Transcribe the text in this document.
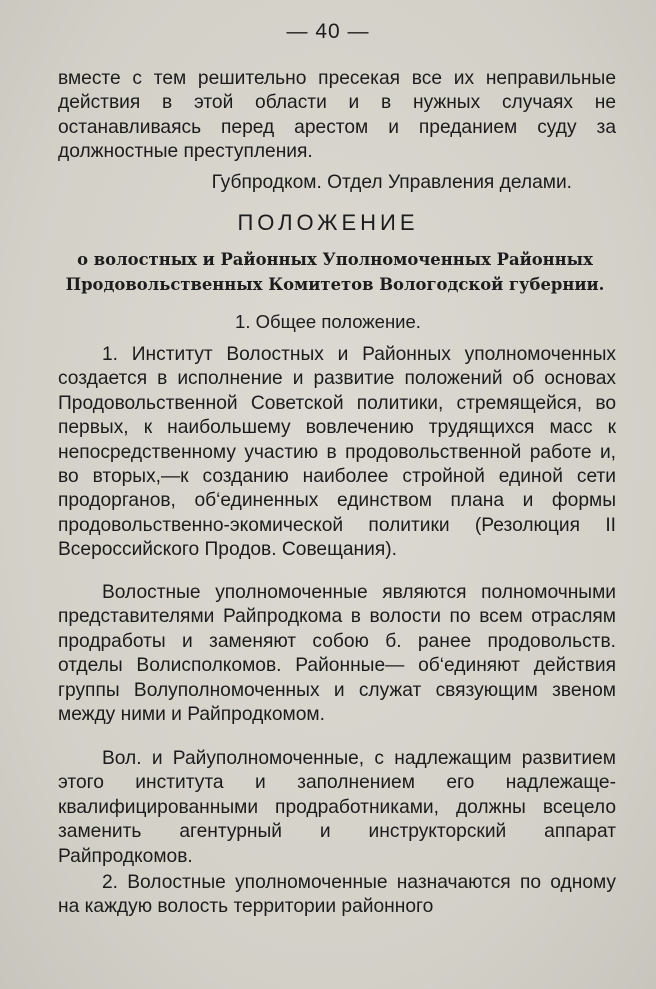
— 40 —
вместе с тем решительно пресекая все их неправильные действия в этой области и в нужных случаях не останавливаясь перед арестом и преданием суду за должностные преступления.
Губпродком. Отдел Управления делами.
ПОЛОЖЕНИЕ
о волостных и Районных Уполномоченных Районных Продовольственных Комитетов Вологодской губернии.
1. Общее положение.
1. Институт Волостных и Районных уполномоченных создается в исполнение и развитие положений об основах Продовольственной Советской политики, стремящейся, во первых, к наибольшему вовлечению трудящихся масс к непосредственному участию в продовольственной работе и, во вторых,—к созданию наиболее стройной единой сети продорганов, об‘единенных единством плана и формы продовольственно-экомической политики (Резолюция II Всероссийского Продов. Совещания).
Волостные уполномоченные являются полномочными представителями Райпродкома в волости по всем отраслям продработы и заменяют собою б. ранее продовольств. отделы Волисполкомов. Районные— об‘единяют действия группы Волуполномоченных и служат связующим звеном между ними и Райпродкомом.
Вол. и Райуполномоченные, с надлежащим развитием этого института и заполнением его надлежаще-квалифицированными продработниками, должны всецело заменить агентурный и инструкторский аппарат Райпродкомов.
2. Волостные уполномоченные назначаются по одному на каждую волость территории районного
